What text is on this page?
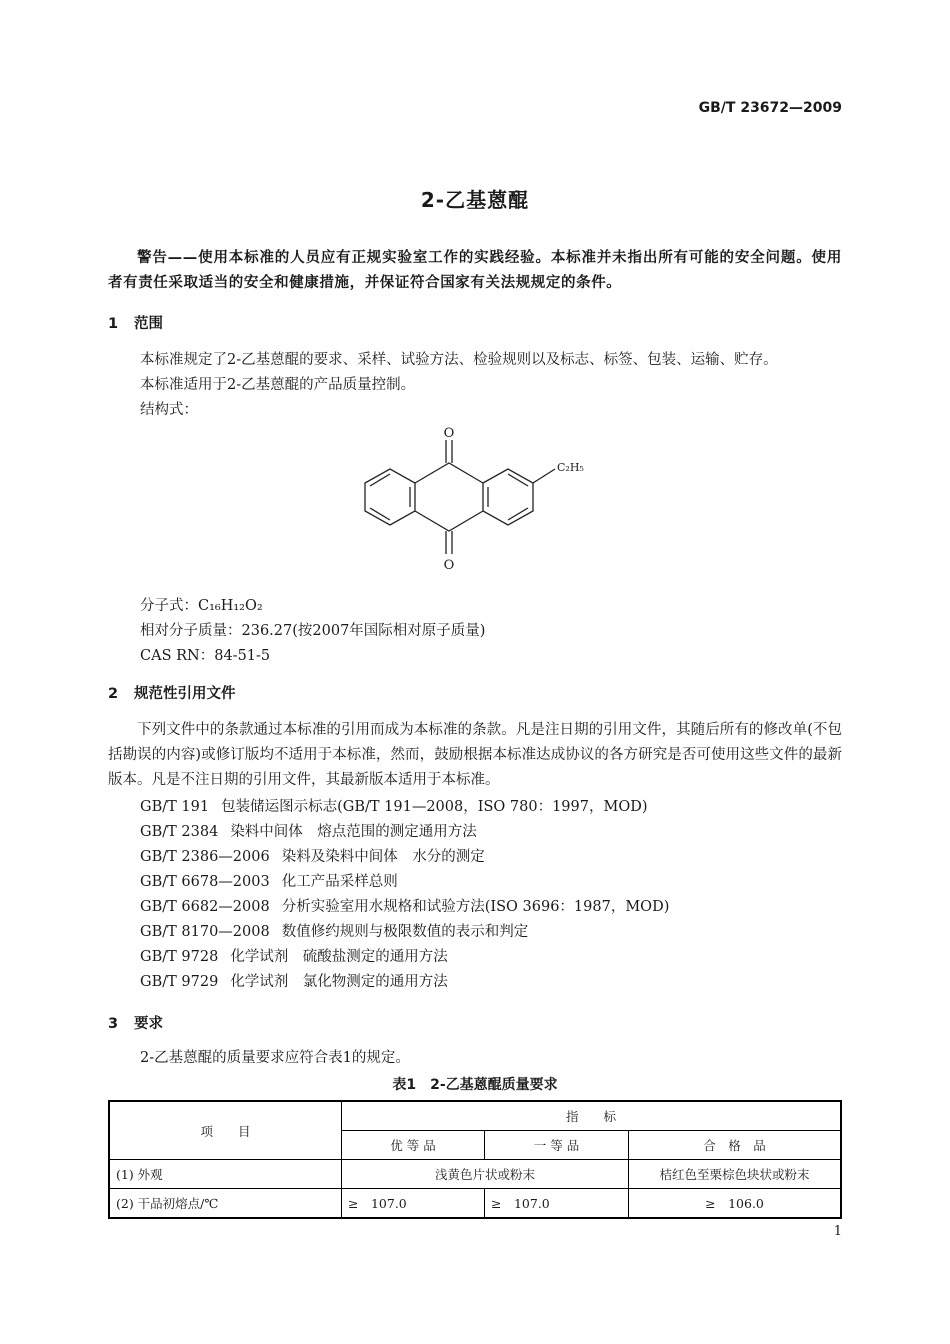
GB/T 23672—2009
2-乙基蒽醌
警告——使用本标准的人员应有正规实验室工作的实践经验。本标准并未指出所有可能的安全问题。使用者有责任采取适当的安全和健康措施，并保证符合国家有关法规规定的条件。
1 范围
本标准规定了2-乙基蒽醌的要求、采样、试验方法、检验规则以及标志、标签、包装、运输、贮存。
本标准适用于2-乙基蒽醌的产品质量控制。
结构式：
O
O
C₂H₅
分子式：C₁₆H₁₂O₂
相对分子质量：236.27(按2007年国际相对原子质量)
CAS RN：84-51-5
2 规范性引用文件
下列文件中的条款通过本标准的引用而成为本标准的条款。凡是注日期的引用文件，其随后所有的修改单(不包括勘误的内容)或修订版均不适用于本标准，然而，鼓励根据本标准达成协议的各方研究是否可使用这些文件的最新版本。凡是不注日期的引用文件，其最新版本适用于本标准。
GB/T 191 包装储运图示标志(GB/T 191—2008，ISO 780：1997，MOD)
GB/T 2384 染料中间体　熔点范围的测定通用方法
GB/T 2386—2006 染料及染料中间体　水分的测定
GB/T 6678—2003 化工产品采样总则
GB/T 6682—2008 分析实验室用水规格和试验方法(ISO 3696：1987，MOD)
GB/T 8170—2008 数值修约规则与极限数值的表示和判定
GB/T 9728 化学试剂　硫酸盐测定的通用方法
GB/T 9729 化学试剂　氯化物测定的通用方法
3 要求
2-乙基蒽醌的质量要求应符合表1的规定。
表1　2-乙基蒽醌质量要求
项　　目	指　　标		
	优 等 品	一 等 品	合　格　品
(1) 外观	浅黄色片状或粉末		桔红色至栗棕色块状或粉末
(2) 干品初熔点/℃	≥　107.0	≥　107.0	≥　106.0
1
